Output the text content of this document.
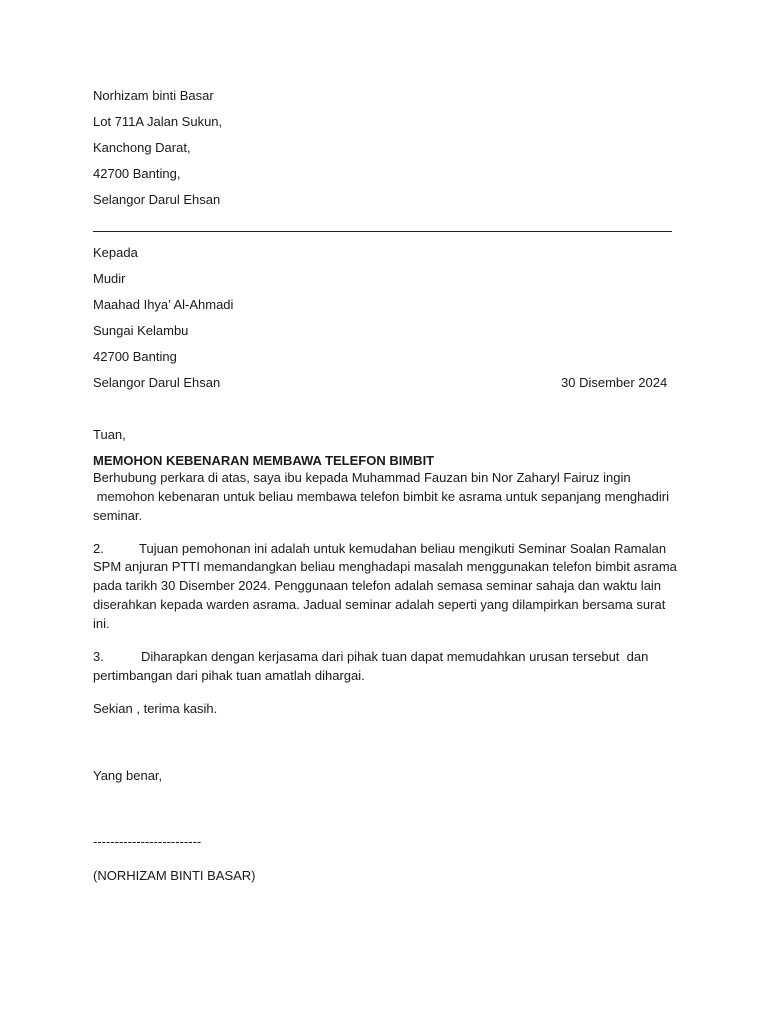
Norhizam binti Basar
Lot 711A Jalan Sukun,
Kanchong Darat,
42700 Banting,
Selangor Darul Ehsan
Kepada
Mudir
Maahad Ihya’ Al-Ahmadi
Sungai Kelambu
42700 Banting
Selangor Darul Ehsan	30 Disember 2024
Tuan,
MEMOHON KEBENARAN MEMBAWA TELEFON BIMBIT
Berhubung perkara di atas, saya ibu kepada Muhammad Fauzan bin Nor Zaharyl Fairuz ingin
memohon kebenaran untuk beliau membawa telefon bimbit ke asrama untuk sepanjang menghadiri
seminar.
2.	Tujuan pemohonan ini adalah untuk kemudahan beliau mengikuti Seminar Soalan Ramalan
SPM anjuran PTTI memandangkan beliau menghadapi masalah menggunakan telefon bimbit asrama
pada tarikh 30 Disember 2024. Penggunaan telefon adalah semasa seminar sahaja dan waktu lain
diserahkan kepada warden asrama. Jadual seminar adalah seperti yang dilampirkan bersama surat
ini.
3.	Diharapkan dengan kerjasama dari pihak tuan dapat memudahkan urusan tersebut  dan
pertimbangan dari pihak tuan amatlah dihargai.
Sekian , terima kasih.
Yang benar,
-------------------------
(NORHIZAM BINTI BASAR)
